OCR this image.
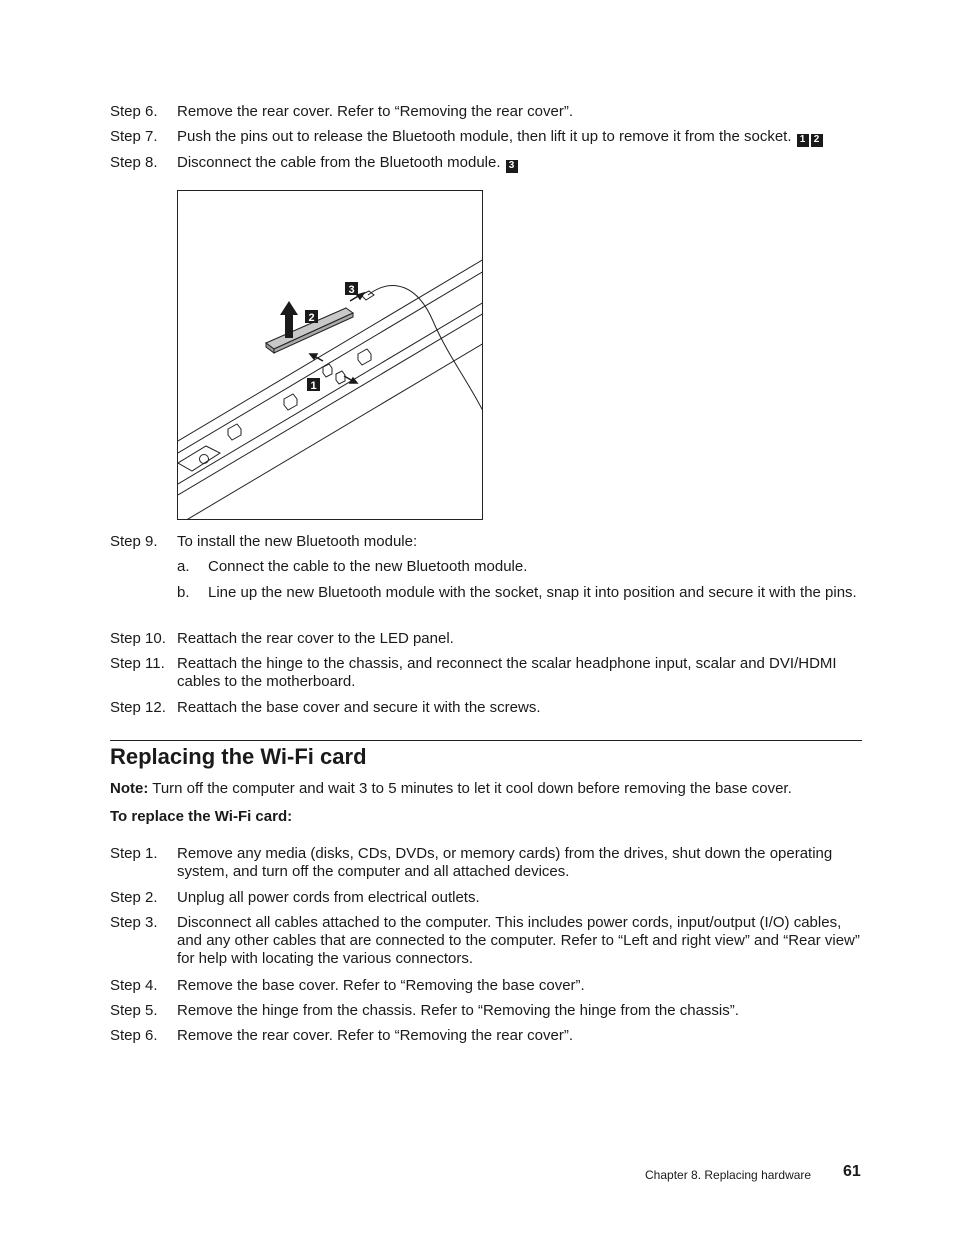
Step 6. Remove the rear cover. Refer to “Removing the rear cover”.
Step 7. Push the pins out to release the Bluetooth module, then lift it up to remove it from the socket. 1 2
Step 8. Disconnect the cable from the Bluetooth module. 3
1
2
3
Step 9. To install the new Bluetooth module:
a. Connect the cable to the new Bluetooth module.
b. Line up the new Bluetooth module with the socket, snap it into position and secure it with the pins.
Step 10. Reattach the rear cover to the LED panel.
Step 11. Reattach the hinge to the chassis, and reconnect the scalar headphone input, scalar and DVI/HDMI cables to the motherboard.
Step 12. Reattach the base cover and secure it with the screws.
Replacing the Wi-Fi card
Note: Turn off the computer and wait 3 to 5 minutes to let it cool down before removing the base cover.
To replace the Wi-Fi card:
Step 1. Remove any media (disks, CDs, DVDs, or memory cards) from the drives, shut down the operating system, and turn off the computer and all attached devices.
Step 2. Unplug all power cords from electrical outlets.
Step 3. Disconnect all cables attached to the computer. This includes power cords, input/output (I/O) cables, and any other cables that are connected to the computer. Refer to “Left and right view” and “Rear view” for help with locating the various connectors.
Step 4. Remove the base cover. Refer to “Removing the base cover”.
Step 5. Remove the hinge from the chassis. Refer to “Removing the hinge from the chassis”.
Step 6. Remove the rear cover. Refer to “Removing the rear cover”.
Chapter 8. Replacing hardware 61
